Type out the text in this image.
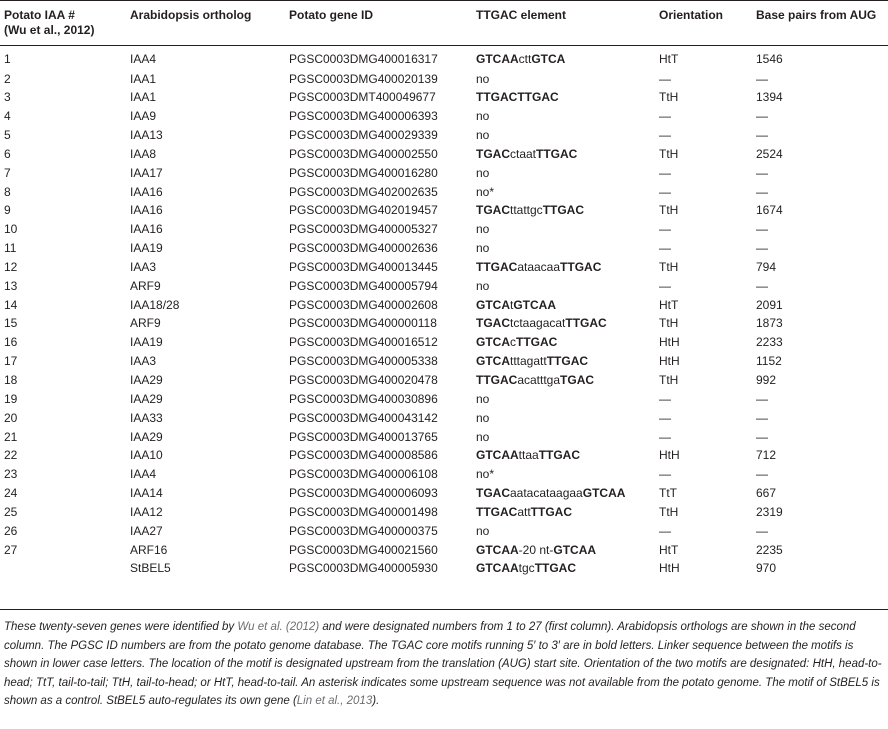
Potato IAA #
(Wu et al., 2012)	Arabidopsis ortholog	Potato gene ID	TTGAC element	Orientation	Base pairs from AUG
1	IAA4	PGSC0003DMG400016317	GTCAActtGTCA	HtT	1546
2	IAA1	PGSC0003DMG400020139	no	—	—
3	IAA1	PGSC0003DMT400049677	TTGACTTGAC	TtH	1394
4	IAA9	PGSC0003DMG400006393	no	—	—
5	IAA13	PGSC0003DMG400029339	no	—	—
6	IAA8	PGSC0003DMG400002550	TGACctaatTTGAC	TtH	2524
7	IAA17	PGSC0003DMG400016280	no	—	—
8	IAA16	PGSC0003DMG402002635	no*	—	—
9	IAA16	PGSC0003DMG402019457	TGACttattgcTTGAC	TtH	1674
10	IAA16	PGSC0003DMG400005327	no	—	—
11	IAA19	PGSC0003DMG400002636	no	—	—
12	IAA3	PGSC0003DMG400013445	TTGACataacaaTTGAC	TtH	794
13	ARF9	PGSC0003DMG400005794	no	—	—
14	IAA18/28	PGSC0003DMG400002608	GTCAtGTCAA	HtT	2091
15	ARF9	PGSC0003DMG400000118	TGACtctaagacatTTGAC	TtH	1873
16	IAA19	PGSC0003DMG400016512	GTCAcTTGAC	HtH	2233
17	IAA3	PGSC0003DMG400005338	GTCAtttagattTTGAC	HtH	1152
18	IAA29	PGSC0003DMG400020478	TTGACacatttgaTGAC	TtH	992
19	IAA29	PGSC0003DMG400030896	no	—	—
20	IAA33	PGSC0003DMG400043142	no	—	—
21	IAA29	PGSC0003DMG400013765	no	—	—
22	IAA10	PGSC0003DMG400008586	GTCAAttaaTTGAC	HtH	712
23	IAA4	PGSC0003DMG400006108	no*	—	—
24	IAA14	PGSC0003DMG400006093	TGACaatacataagaaGTCAA	TtT	667
25	IAA12	PGSC0003DMG400001498	TTGACattTTGAC	TtH	2319
26	IAA27	PGSC0003DMG400000375	no	—	—
27	ARF16	PGSC0003DMG400021560	GTCAA-20 nt-GTCAA	HtT	2235
	StBEL5	PGSC0003DMG400005930	GTCAAtgcTTGAC	HtH	970

These twenty-seven genes were identified by Wu et al. (2012) and were designated numbers from 1 to 27 (first column). Arabidopsis orthologs are shown in the second column. The PGSC ID numbers are from the potato genome database. The TGAC core motifs running 5′ to 3′ are in bold letters. Linker sequence between the motifs is shown in lower case letters. The location of the motif is designated upstream from the translation (AUG) start site. Orientation of the two motifs are designated: HtH, head-to-head; TtT, tail-to-tail; TtH, tail-to-head; or HtT, head-to-tail. An asterisk indicates some upstream sequence was not available from the potato genome. The motif of StBEL5 is shown as a control. StBEL5 auto-regulates its own gene (Lin et al., 2013).
